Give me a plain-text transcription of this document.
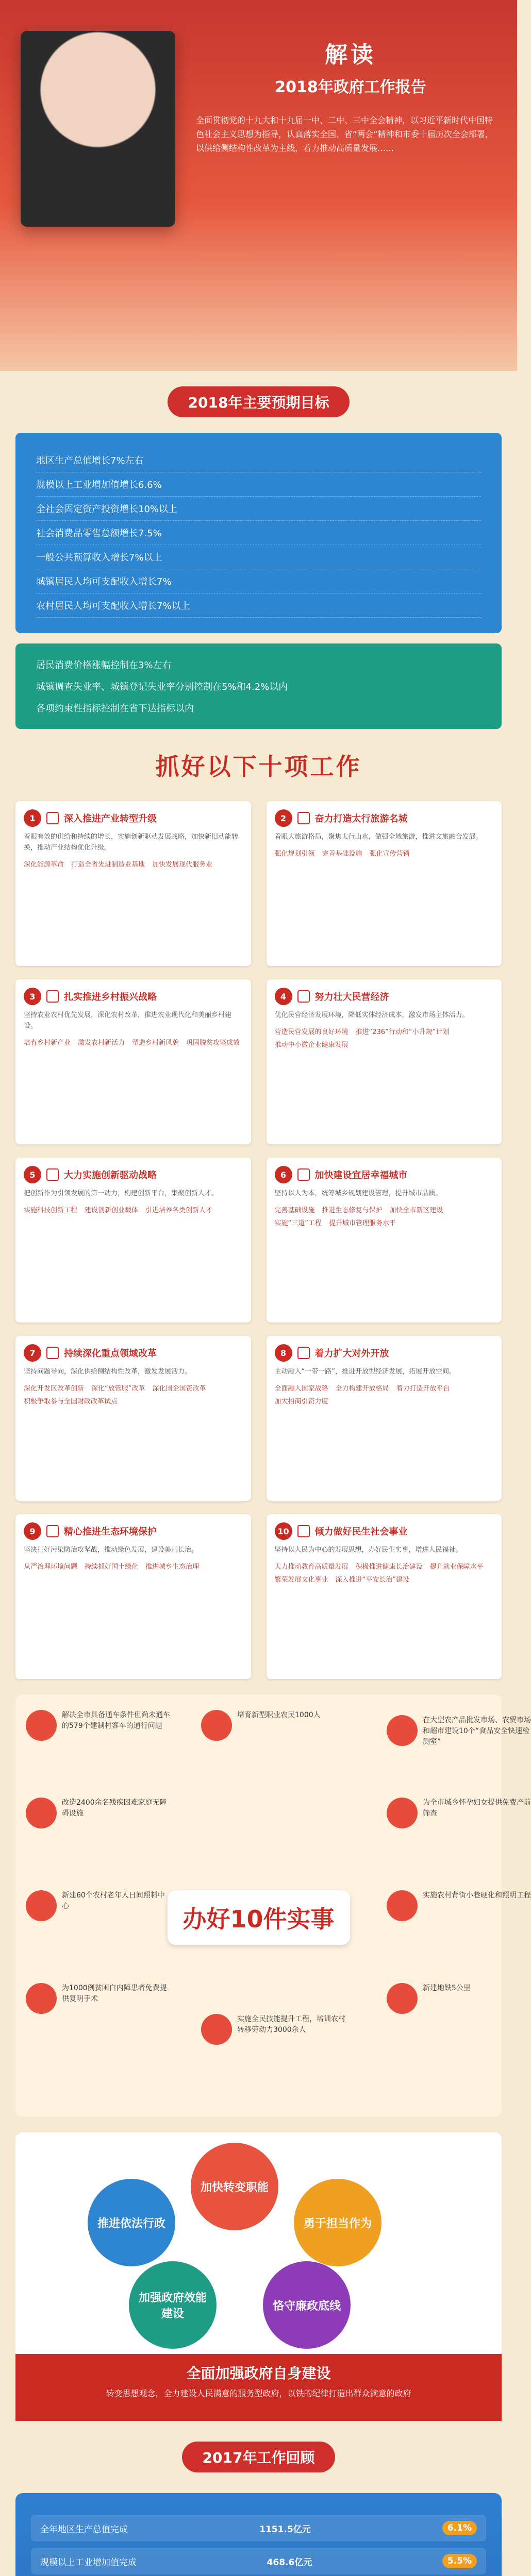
解读
2018年政府工作报告
全面贯彻党的十九大和十九届一中、二中、三中全会精神，以习近平新时代中国特色社会主义思想为指导，认真落实全国、省“两会”精神和市委十届历次全会部署，以供给侧结构性改革为主线，着力推动高质量发展……
2018年主要预期目标
地区生产总值增长7%左右
规模以上工业增加值增长6.6%
全社会固定资产投资增长10%以上
社会消费品零售总额增长7.5%
一般公共预算收入增长7%以上
城镇居民人均可支配收入增长7%
农村居民人均可支配收入增长7%以上
居民消费价格涨幅控制在3%左右
城镇调查失业率、城镇登记失业率分别控制在5%和4.2%以内
各项约束性指标控制在省下达指标以内
抓好以下十项工作
1	深入推进产业转型升级
着眼有效的供给和持续的增长，实施创新驱动发展战略，加快新旧动能转换，推动产业结构优化升级。
深化能源革命 打造全省先进制造业基地 加快发展现代服务业
2	奋力打造太行旅游名城
着眼大旅游格局，聚焦太行山水，做强全域旅游，推进文旅融合发展。
强化规划引领 完善基础设施 强化宣传营销
3	扎实推进乡村振兴战略
坚持农业农村优先发展，深化农村改革，推进农业现代化和美丽乡村建设。
培育乡村新产业 激发农村新活力 塑造乡村新风貌 巩固脱贫攻坚成效
4	努力壮大民营经济
优化民营经济发展环境，降低实体经济成本，激发市场主体活力。
营造民营发展的良好环境 推进“236”行动和“小升规”计划
推动中小微企业健康发展
5	大力实施创新驱动战略
把创新作为引领发展的第一动力，构建创新平台，集聚创新人才。
实施科技创新工程 建设创新创业载体 引进培养各类创新人才
6	加快建设宜居幸福城市
坚持以人为本，统筹城乡规划建设管理，提升城市品质。
完善基础设施 推进生态修复与保护 加快全市新区建设
实施“三道”工程 提升城市管理服务水平
7	持续深化重点领域改革
坚持问题导向，深化供给侧结构性改革，激发发展活力。
深化开发区改革创新 深化“放管服”改革 深化国企国资改革
积极争取参与全国财政改革试点
8	着力扩大对外开放
主动融入“一带一路”，推进开放型经济发展，拓展开放空间。
全面融入国家战略 全力构建开放格局 着力打造开放平台
加大招商引资力度
9	精心推进生态环境保护
坚决打好污染防治攻坚战，推动绿色发展，建设美丽长治。
从严治理环境问题 持续抓好国土绿化 推进城乡生态治理
10	倾力做好民生社会事业
坚持以人民为中心的发展思想，办好民生实事，增进人民福祉。
大力推动教育高质量发展 积极推进健康长治建设 提升就业保障水平
繁荣发展文化事业 深入推进“平安长治”建设
办好10件实事
解决全市具备通车条件但尚未通车的579个建制村客车的通行问题
培育新型职业农民1000人
在大型农产品批发市场、农贸市场和超市建设10个“食品安全快速检测室”
改造2400余名残疾困难家庭无障碍设施
为全市城乡怀孕妇女提供免费产前筛查
新建60个农村老年人日间照料中心
实施农村背街小巷硬化和照明工程
为1000例贫困白内障患者免费提供复明手术
实施全民技能提升工程，培训农村转移劳动力3000余人
新建地铁5公里
加快转变职能
勇于担当作为
推进依法行政
加强政府效能建设
恪守廉政底线
全面加强政府自身建设
转变思想观念，全力建设人民满意的服务型政府，以铁的纪律打造出群众满意的政府
2017年工作回顾
全年地区生产总值完成	1151.5亿元	6.1%
规模以上工业增加值完成	468.6亿元	5.5%
